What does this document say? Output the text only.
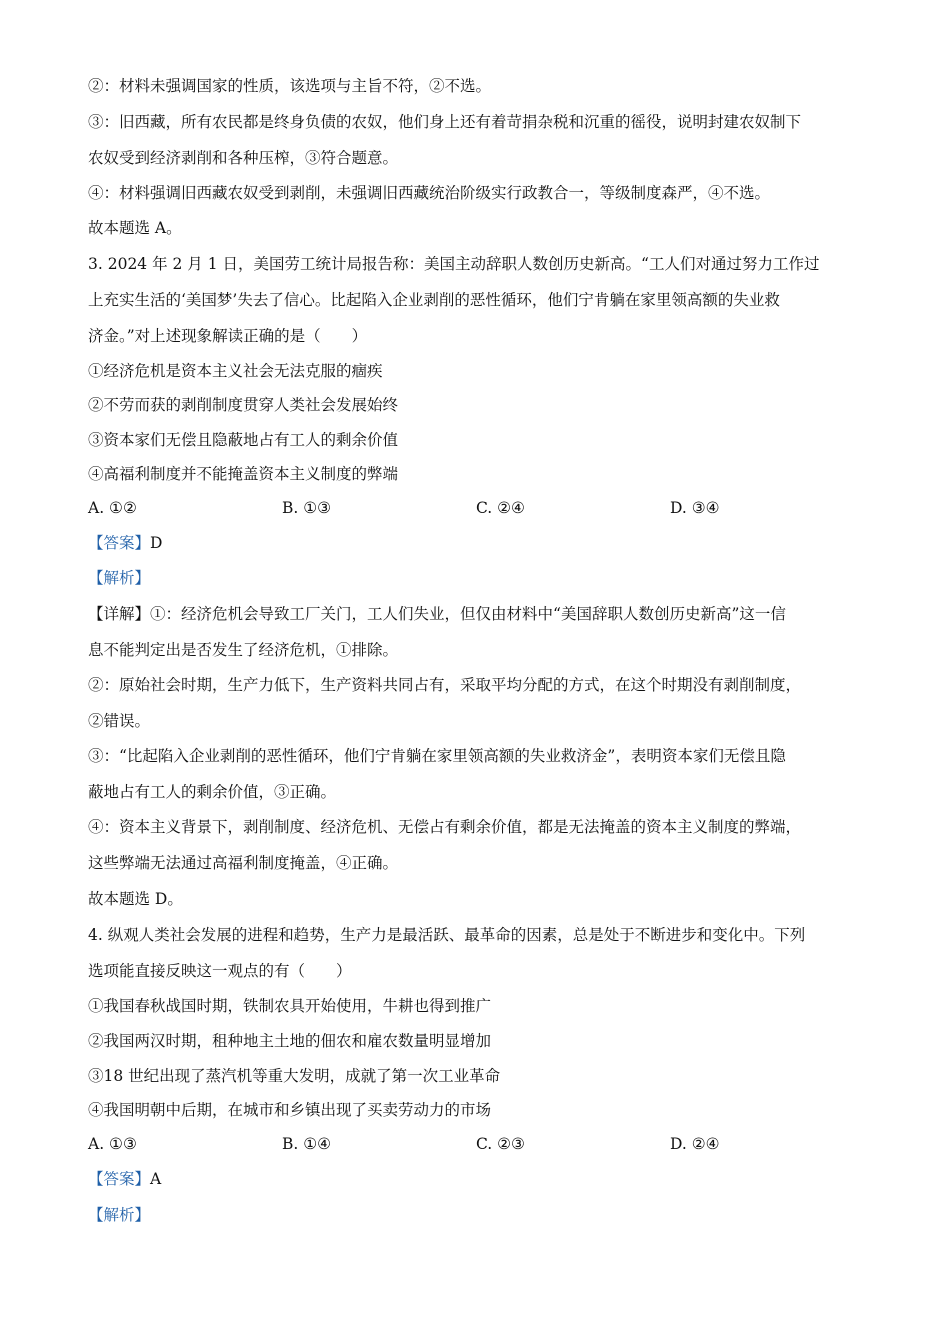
②：材料未强调国家的性质，该选项与主旨不符，②不选。
③：旧西藏，所有农民都是终身负债的农奴，他们身上还有着苛捐杂税和沉重的徭役，说明封建农奴制下
农奴受到经济剥削和各种压榨，③符合题意。
④：材料强调旧西藏农奴受到剥削，未强调旧西藏统治阶级实行政教合一，等级制度森严，④不选。
故本题选 A。
3. 2024 年 2 月 1 日，美国劳工统计局报告称：美国主动辞职人数创历史新高。“工人们对通过努力工作过
上充实生活的‘美国梦’失去了信心。比起陷入企业剥削的恶性循环，他们宁肯躺在家里领高额的失业救
济金。”对上述现象解读正确的是（　　）
①经济危机是资本主义社会无法克服的痼疾
②不劳而获的剥削制度贯穿人类社会发展始终
③资本家们无偿且隐蔽地占有工人的剩余价值
④高福利制度并不能掩盖资本主义制度的弊端
A. ①②	B. ①③	C. ②④	D. ③④
【答案】D
【解析】
【详解】①：经济危机会导致工厂关门，工人们失业，但仅由材料中“美国辞职人数创历史新高”这一信
息不能判定出是否发生了经济危机，①排除。
②：原始社会时期，生产力低下，生产资料共同占有，采取平均分配的方式，在这个时期没有剥削制度，
②错误。
③：“比起陷入企业剥削的恶性循环，他们宁肯躺在家里领高额的失业救济金”，表明资本家们无偿且隐
蔽地占有工人的剩余价值，③正确。
④：资本主义背景下，剥削制度、经济危机、无偿占有剩余价值，都是无法掩盖的资本主义制度的弊端，
这些弊端无法通过高福利制度掩盖，④正确。
故本题选 D。
4. 纵观人类社会发展的进程和趋势，生产力是最活跃、最革命的因素，总是处于不断进步和变化中。下列
选项能直接反映这一观点的有（　　）
①我国春秋战国时期，铁制农具开始使用，牛耕也得到推广
②我国两汉时期，租种地主土地的佃农和雇农数量明显增加
③18 世纪出现了蒸汽机等重大发明，成就了第一次工业革命
④我国明朝中后期，在城市和乡镇出现了买卖劳动力的市场
A. ①③	B. ①④	C. ②③	D. ②④
【答案】A
【解析】
